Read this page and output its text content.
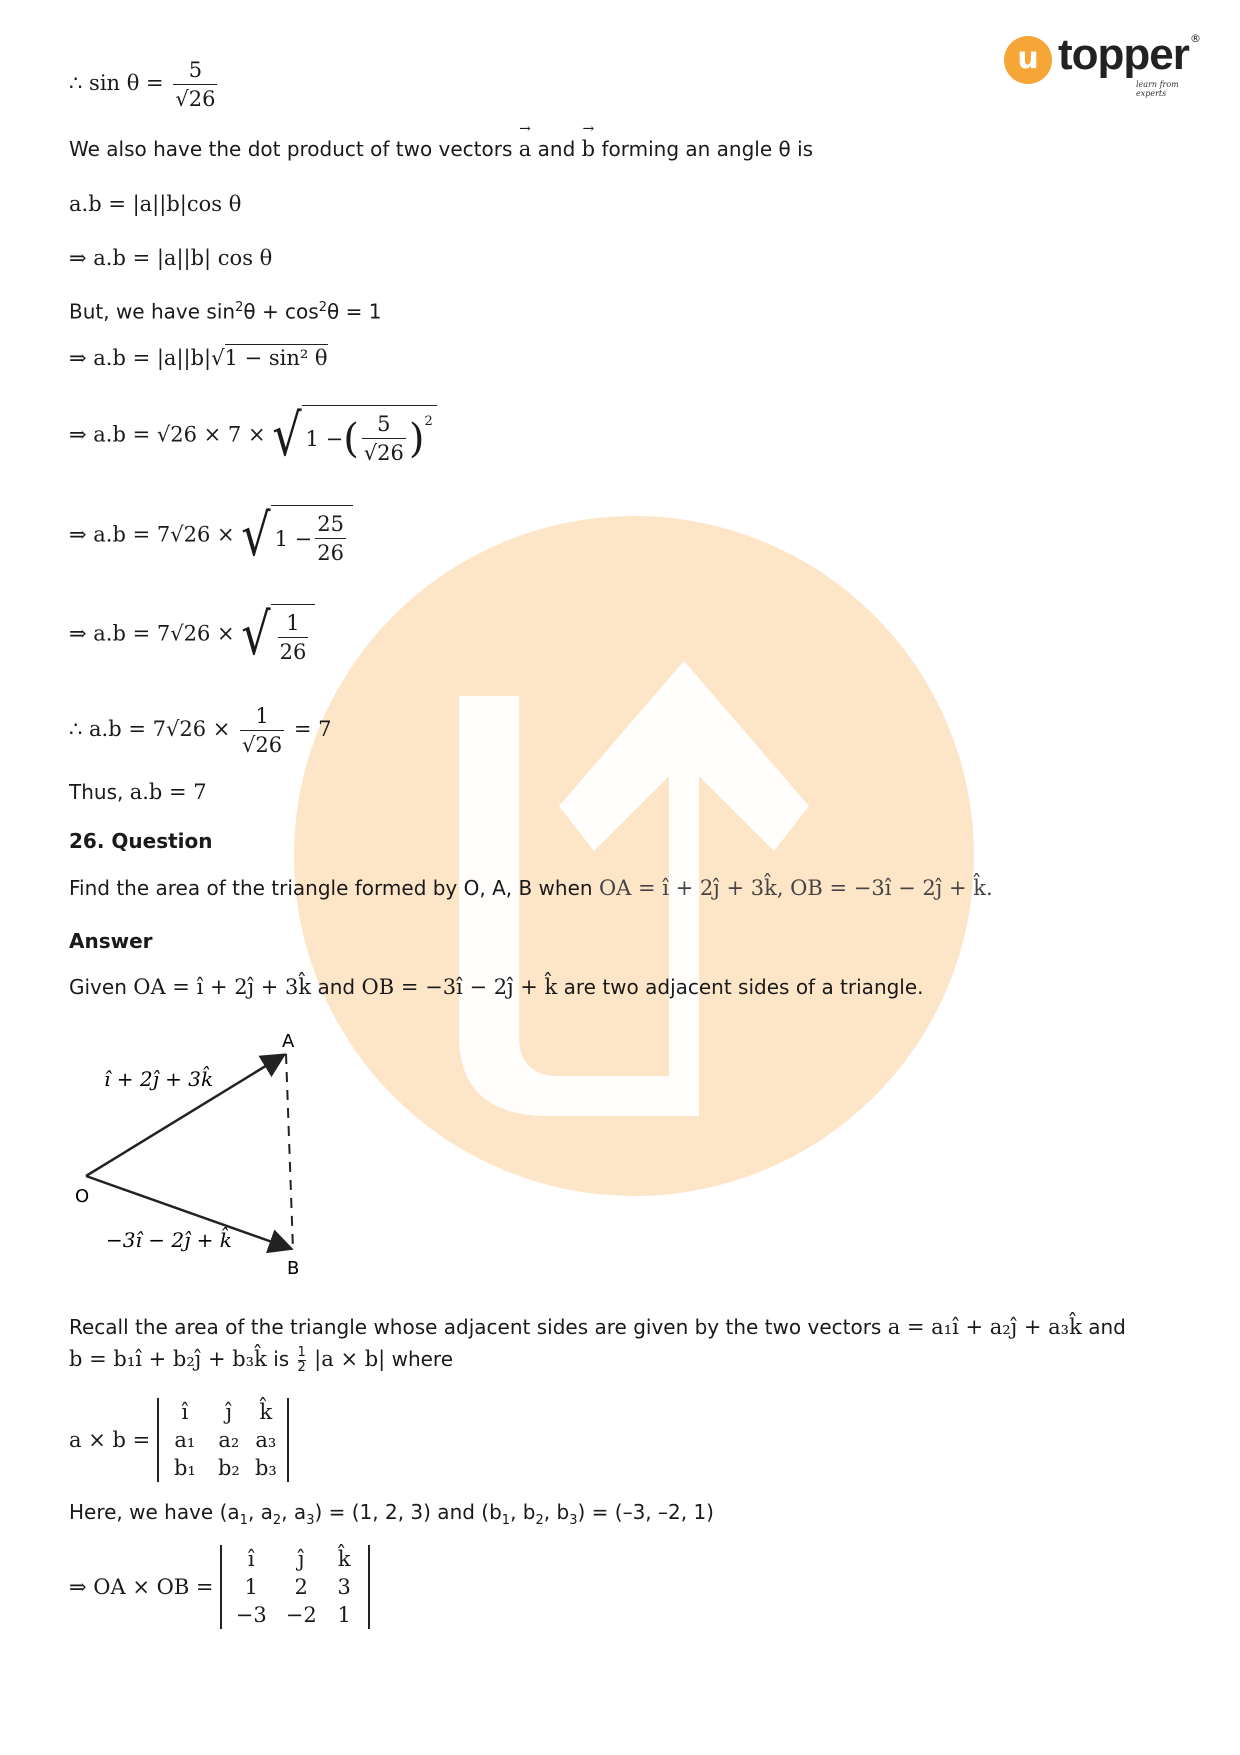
u topper ®
learn from experts
∴ $\sin \theta = \frac{5}{√26}$
We also have the dot product of two vectors → a and → b forming an angle θ is
a.b = |a||b|cos θ
⇒ a.b = |a||b| cos θ
But, we have $\sin^2\theta + \cos^2\theta = 1$
⇒ a.b = |a||b|√1 − sin² θ
⇒ a.b = √26 × 7 × √ 1 − ( $\frac{5}{√26} )^2$
⇒ a.b = 7√26 × √ $1 - \frac{25}{26}$
⇒ a.b = 7√26 × √ $\frac{1}{26}$
∴ $a.b = 7√26 \times \frac{1}{√26} = 7$
Thus, a.b = 7
26. Question
Find the area of the triangle formed by O, A, B when OA = î + 2ĵ + 3k̂, OB = −3î − 2ĵ + k̂.
Answer
Given OA = î + 2ĵ + 3k̂ and OB = −3î − 2ĵ + k̂ are two adjacent sides of a triangle.
Recall the area of the triangle whose adjacent sides are given by the two vectors a = a₁î + a₂ĵ + a₃k̂ and
b = b₁î + b₂ĵ + b₃k̂ is $\frac{1}{2} |a \times b|$ where
a × b =
î	ĵ	k̂
a₁	a₂ a₃
b₁	b₂ b₃
Here, we have ($a_1$, $a_2$, $a_3) = (1$, 2, 3) and ($b_1$, $b_2$, $b_3) = (-3$, –2, 1)
⇒ OA × OB =
î	ĵ	k̂
1	2	3
−3 −2 1
A
B
O
î + 2ĵ + 3k̂
−3î − 2ĵ + k̂
